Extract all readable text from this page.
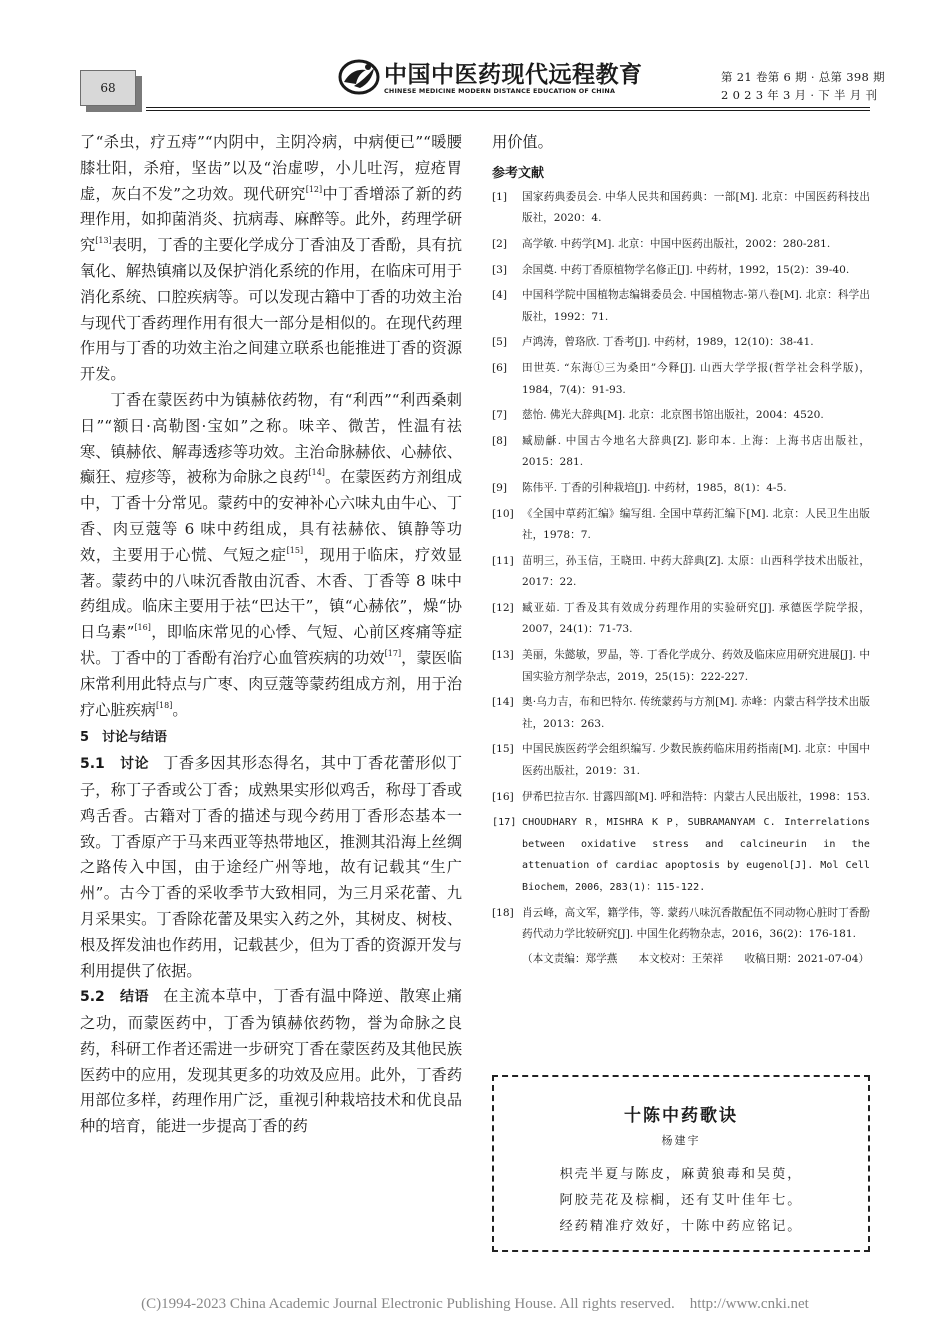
68	中国中医药现代远程教育
CHINESE MEDICINE MODERN DISTANCE EDUCATION OF CHINA
第 21 卷第 6 期 · 总第 398 期
2 0 2 3 年 3 月 · 下 半 月 刊

了“杀虫，疗五痔”“内阴中，主阴冷病，中病便已”“暖腰膝壮阳，杀疳，坚齿”以及“治虚哕，小儿吐泻，痘疮胃虚，灰白不发”之功效。现代研究[12]中丁香增添了新的药理作用，如抑菌消炎、抗病毒、麻醉等。此外，药理学研究[13]表明，丁香的主要化学成分丁香油及丁香酚，具有抗氧化、解热镇痛以及保护消化系统的作用，在临床可用于消化系统、口腔疾病等。可以发现古籍中丁香的功效主治与现代丁香药理作用有很大一部分是相似的。在现代药理作用与丁香的功效主治之间建立联系也能推进丁香的资源开发。

丁香在蒙医药中为镇赫依药物，有“利西”“利西桑刺日”“额日·高勒图·宝如”之称。味辛、微苦，性温有祛寒、镇赫依、解毒透疹等功效。主治命脉赫依、心赫依、癫狂、痘疹等，被称为命脉之良药[14]。在蒙医药方剂组成中，丁香十分常见。蒙药中的安神补心六味丸由牛心、丁香、肉豆蔻等 6 味中药组成，具有祛赫依、镇静等功效，主要用于心慌、气短之症[15]，现用于临床，疗效显著。蒙药中的八味沉香散由沉香、木香、丁香等 8 味中药组成。临床主要用于祛“巴达干”，镇“心赫依”，燥“协日乌素”[16]，即临床常见的心悸、气短、心前区疼痛等症状。丁香中的丁香酚有治疗心血管疾病的功效[17]，蒙医临床常利用此特点与广枣、肉豆蔻等蒙药组成方剂，用于治疗心脏疾病[18]。

5　讨论与结语

5.1　讨论 丁香多因其形态得名，其中丁香花蕾形似丁子，称丁子香或公丁香；成熟果实形似鸡舌，称母丁香或鸡舌香。古籍对丁香的描述与现今药用丁香形态基本一致。丁香原产于马来西亚等热带地区，推测其沿海上丝绸之路传入中国，由于途经广州等地，故有记载其“生广州”。古今丁香的采收季节大致相同，为三月采花蕾、九月采果实。丁香除花蕾及果实入药之外，其树皮、树枝、根及挥发油也作药用，记载甚少，但为丁香的资源开发与利用提供了依据。

5.2　结语 在主流本草中，丁香有温中降逆、散寒止痛之功，而蒙医药中，丁香为镇赫依药物，誉为命脉之良药，科研工作者还需进一步研究丁香在蒙医药及其他民族医药中的应用，发现其更多的功效及应用。此外，丁香药用部位多样，药理作用广泛，重视引种栽培技术和优良品种的培育，能进一步提高丁香的药

用价值。

参考文献

[1] 国家药典委员会. 中华人民共和国药典：一部[M]. 北京：中国医药科技出版社，2020：4.

[2] 高学敏. 中药学[M]. 北京：中国中医药出版社，2002：280-281.

[3] 余国奠. 中药丁香原植物学名修正[J]. 中药材，1992，15(2)：39-40.

[4] 中国科学院中国植物志编辑委员会. 中国植物志-第八卷[M]. 北京：科学出版社，1992：71.

[5] 卢鸿涛，曾珞欣. 丁香考[J]. 中药材，1989，12(10)：38-41.

[6] 田世英. “东海①三为桑田”今释[J]. 山西大学学报(哲学社会科学版)，1984，7(4)：91-93.

[7] 慈怡. 佛光大辞典[M]. 北京：北京图书馆出版社，2004：4520.

[8] 臧励龢. 中国古今地名大辞典[Z]. 影印本. 上海：上海书店出版社，2015：281.

[9] 陈伟平. 丁香的引种栽培[J]. 中药材，1985，8(1)：4-5.

[10] 《全国中草药汇编》编写组. 全国中草药汇编下[M]. 北京：人民卫生出版社，1978：7.

[11] 苗明三，孙玉信，王晓田. 中药大辞典[Z]. 太原：山西科学技术出版社，2017：22.

[12] 臧亚茹. 丁香及其有效成分药理作用的实验研究[J]. 承德医学院学报，2007，24(1)：71-73.

[13] 美丽，朱懿敏，罗晶，等. 丁香化学成分、药效及临床应用研究进展[J]. 中国实验方剂学杂志，2019，25(15)：222-227.

[14] 奥·乌力吉，布和巴特尔. 传统蒙药与方剂[M]. 赤峰：内蒙古科学技术出版社，2013：263.

[15] 中国民族医药学会组织编写. 少数民族药临床用药指南[M]. 北京：中国中医药出版社，2019：31.

[16] 伊希巴拉吉尔. 甘露四部[M]. 呼和浩特：内蒙古人民出版社，1998：153.

[17] CHOUDHARY R，MISHRA K P，SUBRAMANYAM C. Interrelations between oxidative stress and calcineurin in the attenuation of cardiac apoptosis by eugenol[J]. Mol Cell Biochem，2006，283(1)：115-122.

[18] 肖云峰，高文军，籍学伟，等. 蒙药八味沉香散配伍不同动物心脏时丁香酚药代动力学比较研究[J]. 中国生化药物杂志，2016，36(2)：176-181.

（本文责编：郑学燕　　本文校对：王荣祥　　收稿日期：2021-07-04）

十陈中药歌诀
杨建宇
枳壳半夏与陈皮，麻黄狼毒和吴萸，
阿胶芫花及棕榈，还有艾叶佳年七。
经药精准疗效好，十陈中药应铭记。
(C)1994-2023 China Academic Journal Electronic Publishing House. All rights reserved.    http://www.cnki.net
